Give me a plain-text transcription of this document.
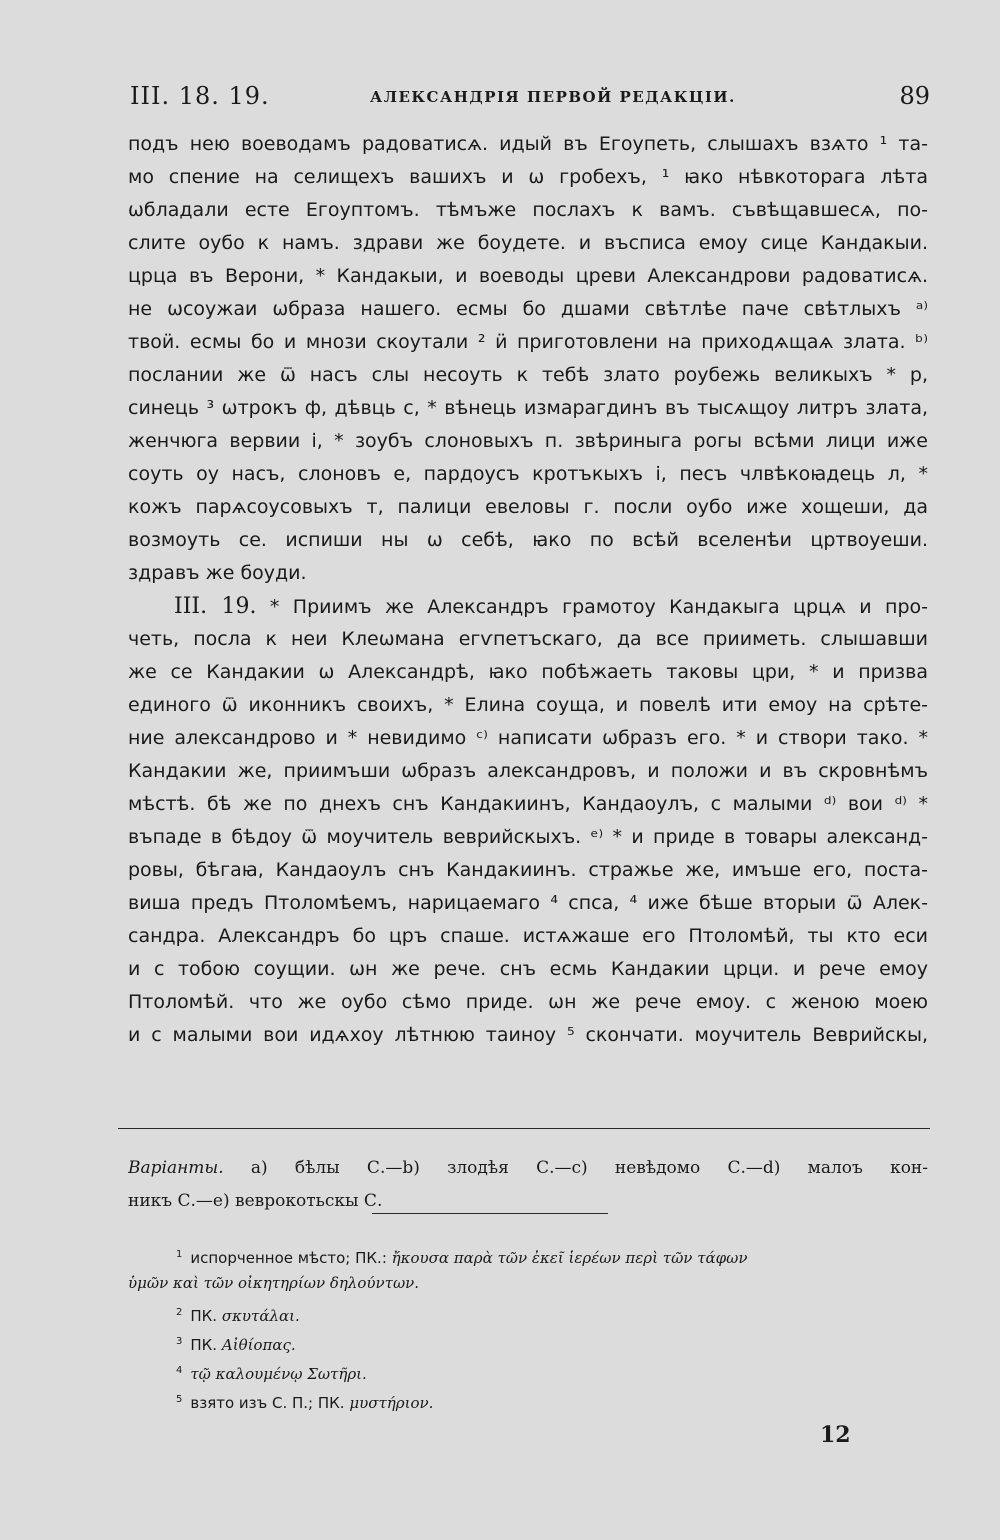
III. 18. 19.	АЛЕКСАНДРІЯ ПЕРВОЙ РЕДАКЦІИ.	89
подъ нею воеводамъ радоватисѧ. идый въ Егоупеть, слышахъ взѧто ¹ та-
мо спение на селищехъ вашихъ и ѡ гробехъ, ¹ ꙗко нѣвкоторага лѣта
ѡбладали есте Егоуптомъ. тѣмъже послахъ к вамъ. съвѣщавшесѧ, по-
слите оубо к намъ. здрави же боудете. и въсписа емоу сице Кандакыи.
црца въ Верони, * Кандакыи, и воеводы цреви Александрови радоватисѧ.
не ѡсоужаи ѡбраза нашего. есмы бо дшами свѣтлѣе паче свѣтлыхъ ᵃ⁾
твоӥ. есмы бо и мнози скоутали ² ӥ приготовлени на приходѧщаѧ злата. ᵇ⁾
послании же ѿ насъ слы несоуть к тебѣ злато роубежь великыхъ * р,
синець ³ ѡтрокъ ф, дѣвць с, * вѣнець измарагдинъ въ тысѧщоу литръ злата,
женчюга вервии і, * зоубъ слоновыхъ п. звѣриныга рогы всѣми лици иже
соуть оу насъ, слоновъ е, пардоусъ кротъкыхъ і, песъ члвѣкоꙗдець л, *
кожъ парѧсоусовыхъ т, палици евеловы г. посли оубо иже хощеши, да
возмоуть се. испиши ны ѡ себѣ, ꙗко по всѣй вселенѣи цртвоуеши.
здравъ же боуди.
III. 19. * Приимъ же Александръ грамотоу Кандакыга црцѧ и про-
четь, посла к неи Клеѡмана егѵпетъскаго, да все прииметь. слышавши
же се Кандакии ѡ Александрѣ, ꙗко побѣжаеть таковы цри, * и призва
единого ѿ иконникъ своихъ, * Елина соуща, и повелѣ ити емоу на срѣте-
ние александрово и * невидимо ᶜ⁾ написати ѡбразъ его. * и створи тако. *
Кандакии же, приимъши ѡбразъ александровъ, и положи и въ скровнѣмъ
мѣстѣ. бѣ же по днехъ снъ Кандакиинъ, Кандаоулъ, с малыми ᵈ⁾ вои ᵈ⁾ *
въпаде в бѣдоу ѿ моучитель веврийскыхъ. ᵉ⁾ * и приде в товары александ-
ровы, бѣгаꙗ, Кандаоулъ снъ Кандакиинъ. стражье же, имъше его, поста-
виша предъ Птоломѣемъ, нарицаемаго ⁴ спса, ⁴ иже бѣше вторыи ѿ Алек-
сандра. Александръ бо цръ спаше. истѧжаше его Птоломѣй, ты кто еси
и с тобою соущии. ѡн же рече. снъ есмь Кандакии црци. и рече емоу
Птоломѣй. что же оубо сѣмо приде. ѡн же рече емоу. с женою моею
и с малыми вои идѧхоу лѣтнюю таиноу ⁵ скончати. моучитель Веврийскы,
Варіанты. а) бѣлы С.—b) злодѣя С.—c) невѣдомо С.—d) малоъ кон-
никъ С.—е) веврокотьскы С.
$^1$ испорченное мѣсто; ПК.: ἤκουσα παρὰ τῶν ἐκεῖ ἱερέων περὶ τῶν τάφων
ὑμῶν καὶ τῶν οἰκητηρίων δηλούντων.
$^2$ ПК. σκυτάλαι.
$^3$ ПК. Αἰθίοπας.
$^4$ τῷ καλουμένῳ Σωτῆρι.
$^5$ взято изъ С. П.; ПК. μυστήριον.
12
